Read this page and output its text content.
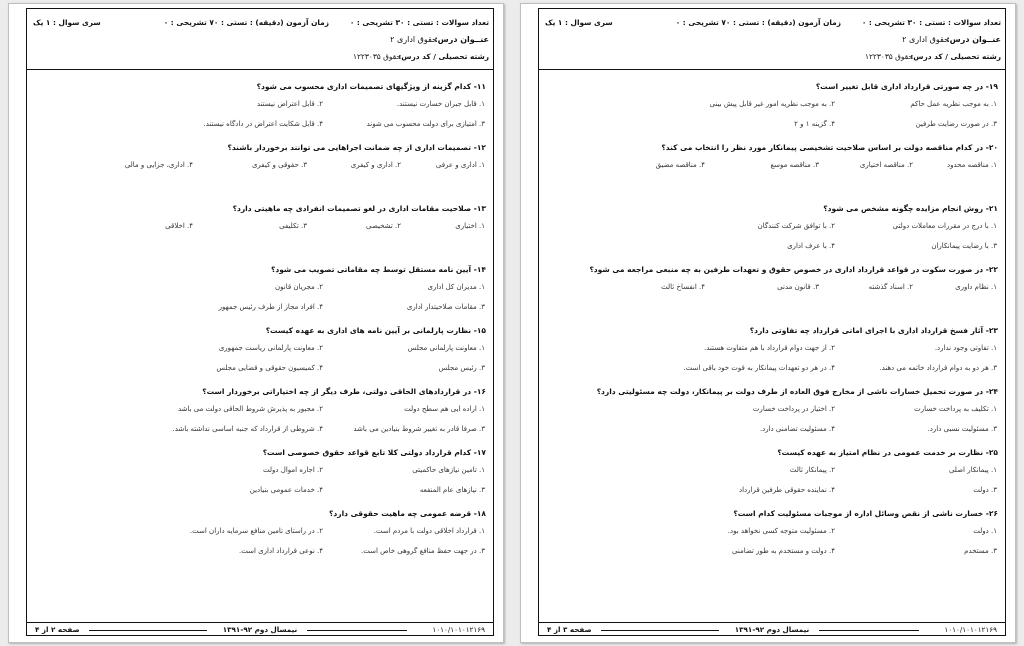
تعداد سوالات : تستی : ۳۰ تشریحی : ۰
زمان آزمون (دقیقه) : تستی : ۷۰ تشریحی : ۰
سری سوال : ۱ یک
عنــوان درس:
حقوق اداری ۲
رشته تحصیلی / کد درس:
حقوق ۱۲۲۳۰۳۵
۱۱- کدام گزینه از ویژگیهای تصمیمات اداری محسوب می شود؟
۱. قابل جبران خسارت نیستند.
۲. قابل اعتراض نیستند
۳. امتیازی برای دولت محسوب می شوند
۴. قابل شکایت اعتراض در دادگاه نیستند.
۱۲- تصمیمات اداری از چه ضمانت اجراهایی می توانند برخوردار باشند؟
۱. اداری و عرفی
۲. اداری و کیفری
۳. حقوقی و کیفری
۴. اداری، جزایی و مالی
۱۳- صلاحیت مقامات اداری در لغو تصمیمات انفرادی چه ماهیتی دارد؟
۱. اختیاری
۲. تشخیصی
۳. تکلیفی
۴. اخلاقی
۱۴- آیین نامه مستقل توسط چه مقاماتی تصویب می شود؟
۱. مدیران کل اداری
۲. مجریان قانون
۳. مقامات صلاحیتدار اداری
۴. افراد مجاز از طرف رئیس جمهور
۱۵- نظارت پارلمانی بر آیین نامه های اداری به عهده کیست؟
۱. معاونت پارلمانی مجلس
۲. معاونت پارلمانی ریاست جمهوری
۳. رئیس مجلس
۴. کمیسیون حقوقی و قضایی مجلس
۱۶- در قراردادهای الحاقی دولتی، طرف دیگر از چه اختیاراتی برخوردار است؟
۱. اراده ایی هم سطح دولت
۲. مجبور به پذیرش شروط الحاقی دولت می باشد
۳. صرفا قادر به تغییر شروط بنیادین می باشد
۴. شروطی از قرارداد که جنبه اساسی نداشته باشد.
۱۷- کدام قرارداد دولتی کلا تابع قواعد حقوق خصوصی است؟
۱. تامین نیازهای حاکمیتی
۲. اجاره اموال دولت
۳. نیازهای عام المنفعه
۴. خدمات عمومی بنیادین
۱۸- قرضه عمومی چه ماهیت حقوقی دارد؟
۱. قرارداد اخلاقی دولت با مردم است.
۲. در راستای تامین منافع سرمایه داران است.
۳. در جهت حفظ منافع گروهی خاص است.
۴. نوعی قرارداد اداری است.
صفحه ۲ از ۴	نیمسال دوم ۹۲-۱۳۹۱	۱۰۱۰/۱۰۱۰۱۲۱۶۹
تعداد سوالات : تستی : ۳۰ تشریحی : ۰
زمان آزمون (دقیقه) : تستی : ۷۰ تشریحی : ۰
سری سوال : ۱ یک
عنــوان درس:
حقوق اداری ۲
رشته تحصیلی / کد درس:
حقوق ۱۲۲۳۰۳۵
۱۹- در چه صورتی قرارداد اداری قابل تغییر است؟
۱. به موجب نظریه عمل حاکم
۲. به موجب نظریه امور غیر قابل پیش بینی
۳. در صورت رضایت طرفین
۴. گزینه ۱ و ۲
۲۰- در کدام مناقصه دولت بر اساس صلاحیت تشخیصی پیمانکار مورد نظر را انتخاب می کند؟
۱. مناقصه محدود
۲. مناقصه اختیاری
۳. مناقصه موسع
۴. مناقصه مضیق
۲۱- روش انجام مزایده چگونه مشخص می شود؟
۱. با درج در مقررات معاملات دولتی
۲. با توافق شرکت کنندگان
۳. با رضایت پیمانکاران
۴. با عرف اداری
۲۲- در صورت سکوت در قواعد قرارداد اداری در خصوص حقوق و تعهدات طرفین به چه منبعی مراجعه می شود؟
۱. نظام داوری
۲. اسناد گذشته
۳. قانون مدنی
۴. انفساخ ثالث
۲۳- آثار فسخ قرارداد اداری با اجرای اماتی قرارداد چه تفاوتی دارد؟
۱. تفاوتی وجود ندارد.
۲. از جهت دوام قرارداد با هم متفاوت هستند.
۳. هر دو به دوام قرارداد خاتمه می دهند.
۴. در هر دو تعهدات پیمانکار به قوت خود باقی است.
۲۴- در صورت تحمیل خسارات ناشی از مخارج فوق العاده از طرف دولت بر پیمانکار، دولت چه مسئولیتی دارد؟
۱. تکلیف به پرداخت خسارت
۲. اختیار در پرداخت خسارت
۳. مسئولیت نسبی دارد.
۴. مسئولیت تضامنی دارد.
۲۵- نظارت بر خدمت عمومی در نظام امتیاز به عهده کیست؟
۱. پیمانکار اصلی
۲. پیمانکار ثالث
۳. دولت
۴. نماینده حقوقی طرفین قرارداد
۲۶- خسارت ناشی از نقص وسائل اداره از موجبات مسئولیت کدام است؟
۱. دولت
۲. مسئولیت متوجه کسی نخواهد بود.
۳. مستخدم
۴. دولت و مستخدم به طور تضامنی
صفحه ۳ از ۴	نیمسال دوم ۹۲-۱۳۹۱	۱۰۱۰/۱۰۱۰۱۲۱۶۹
